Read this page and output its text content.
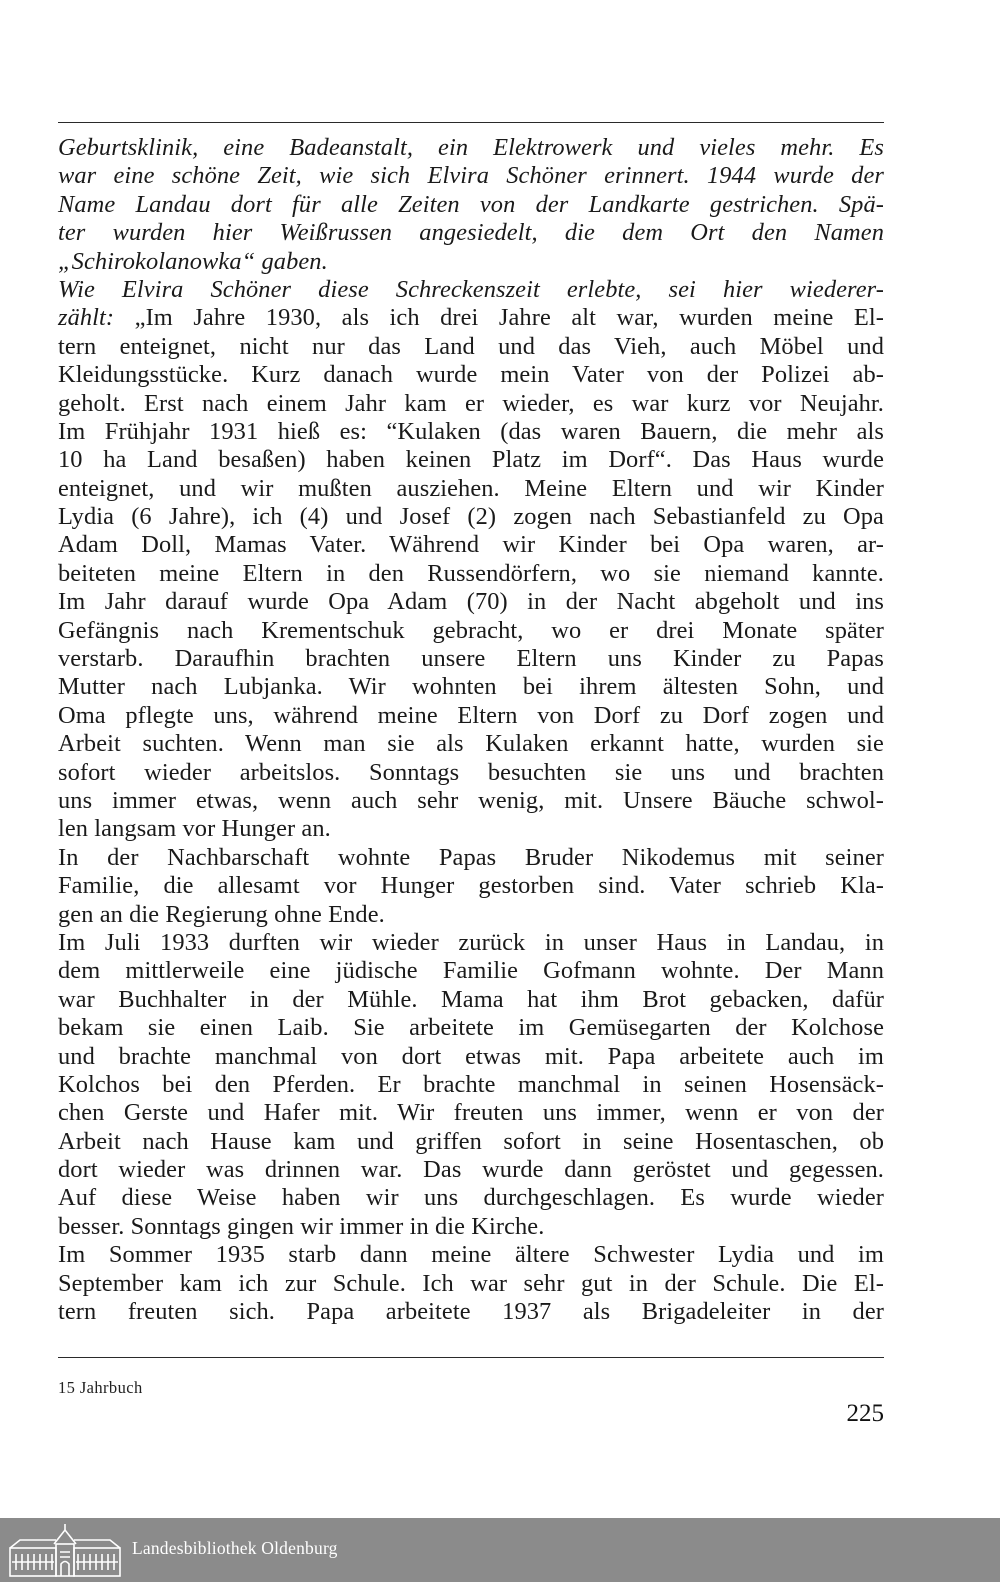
Geburtsklinik, eine Badeanstalt, ein Elektrowerk und vieles mehr. Es
war eine schöne Zeit, wie sich Elvira Schöner erinnert. 1944 wurde der
Name Landau dort für alle Zeiten von der Landkarte gestrichen. Spä-
ter wurden hier Weißrussen angesiedelt, die dem Ort den Namen
„Schirokolanowka“ gaben.
Wie Elvira Schöner diese Schreckenszeit erlebte, sei hier wiederer-
zählt: „Im Jahre 1930, als ich drei Jahre alt war, wurden meine El-
tern enteignet, nicht nur das Land und das Vieh, auch Möbel und
Kleidungsstücke. Kurz danach wurde mein Vater von der Polizei ab-
geholt. Erst nach einem Jahr kam er wieder, es war kurz vor Neujahr.
Im Frühjahr 1931 hieß es: “Kulaken (das waren Bauern, die mehr als
10 ha Land besaßen) haben keinen Platz im Dorf“. Das Haus wurde
enteignet, und wir mußten ausziehen. Meine Eltern und wir Kinder
Lydia (6 Jahre), ich (4) und Josef (2) zogen nach Sebastianfeld zu Opa
Adam Doll, Mamas Vater. Während wir Kinder bei Opa waren, ar-
beiteten meine Eltern in den Russendörfern, wo sie niemand kannte.
Im Jahr darauf wurde Opa Adam (70) in der Nacht abgeholt und ins
Gefängnis nach Krementschuk gebracht, wo er drei Monate später
verstarb. Daraufhin brachten unsere Eltern uns Kinder zu Papas
Mutter nach Lubjanka. Wir wohnten bei ihrem ältesten Sohn, und
Oma pflegte uns, während meine Eltern von Dorf zu Dorf zogen und
Arbeit suchten. Wenn man sie als Kulaken erkannt hatte, wurden sie
sofort wieder arbeitslos. Sonntags besuchten sie uns und brachten
uns immer etwas, wenn auch sehr wenig, mit. Unsere Bäuche schwol-
len langsam vor Hunger an.
In der Nachbarschaft wohnte Papas Bruder Nikodemus mit seiner
Familie, die allesamt vor Hunger gestorben sind. Vater schrieb Kla-
gen an die Regierung ohne Ende.
Im Juli 1933 durften wir wieder zurück in unser Haus in Landau, in
dem mittlerweile eine jüdische Familie Gofmann wohnte. Der Mann
war Buchhalter in der Mühle. Mama hat ihm Brot gebacken, dafür
bekam sie einen Laib. Sie arbeitete im Gemüsegarten der Kolchose
und brachte manchmal von dort etwas mit. Papa arbeitete auch im
Kolchos bei den Pferden. Er brachte manchmal in seinen Hosensäck-
chen Gerste und Hafer mit. Wir freuten uns immer, wenn er von der
Arbeit nach Hause kam und griffen sofort in seine Hosentaschen, ob
dort wieder was drinnen war. Das wurde dann geröstet und gegessen.
Auf diese Weise haben wir uns durchgeschlagen. Es wurde wieder
besser. Sonntags gingen wir immer in die Kirche.
Im Sommer 1935 starb dann meine ältere Schwester Lydia und im
September kam ich zur Schule. Ich war sehr gut in der Schule. Die El-
tern freuten sich. Papa arbeitete 1937 als Brigadeleiter in der
15 Jahrbuch
225
Landesbibliothek Oldenburg
